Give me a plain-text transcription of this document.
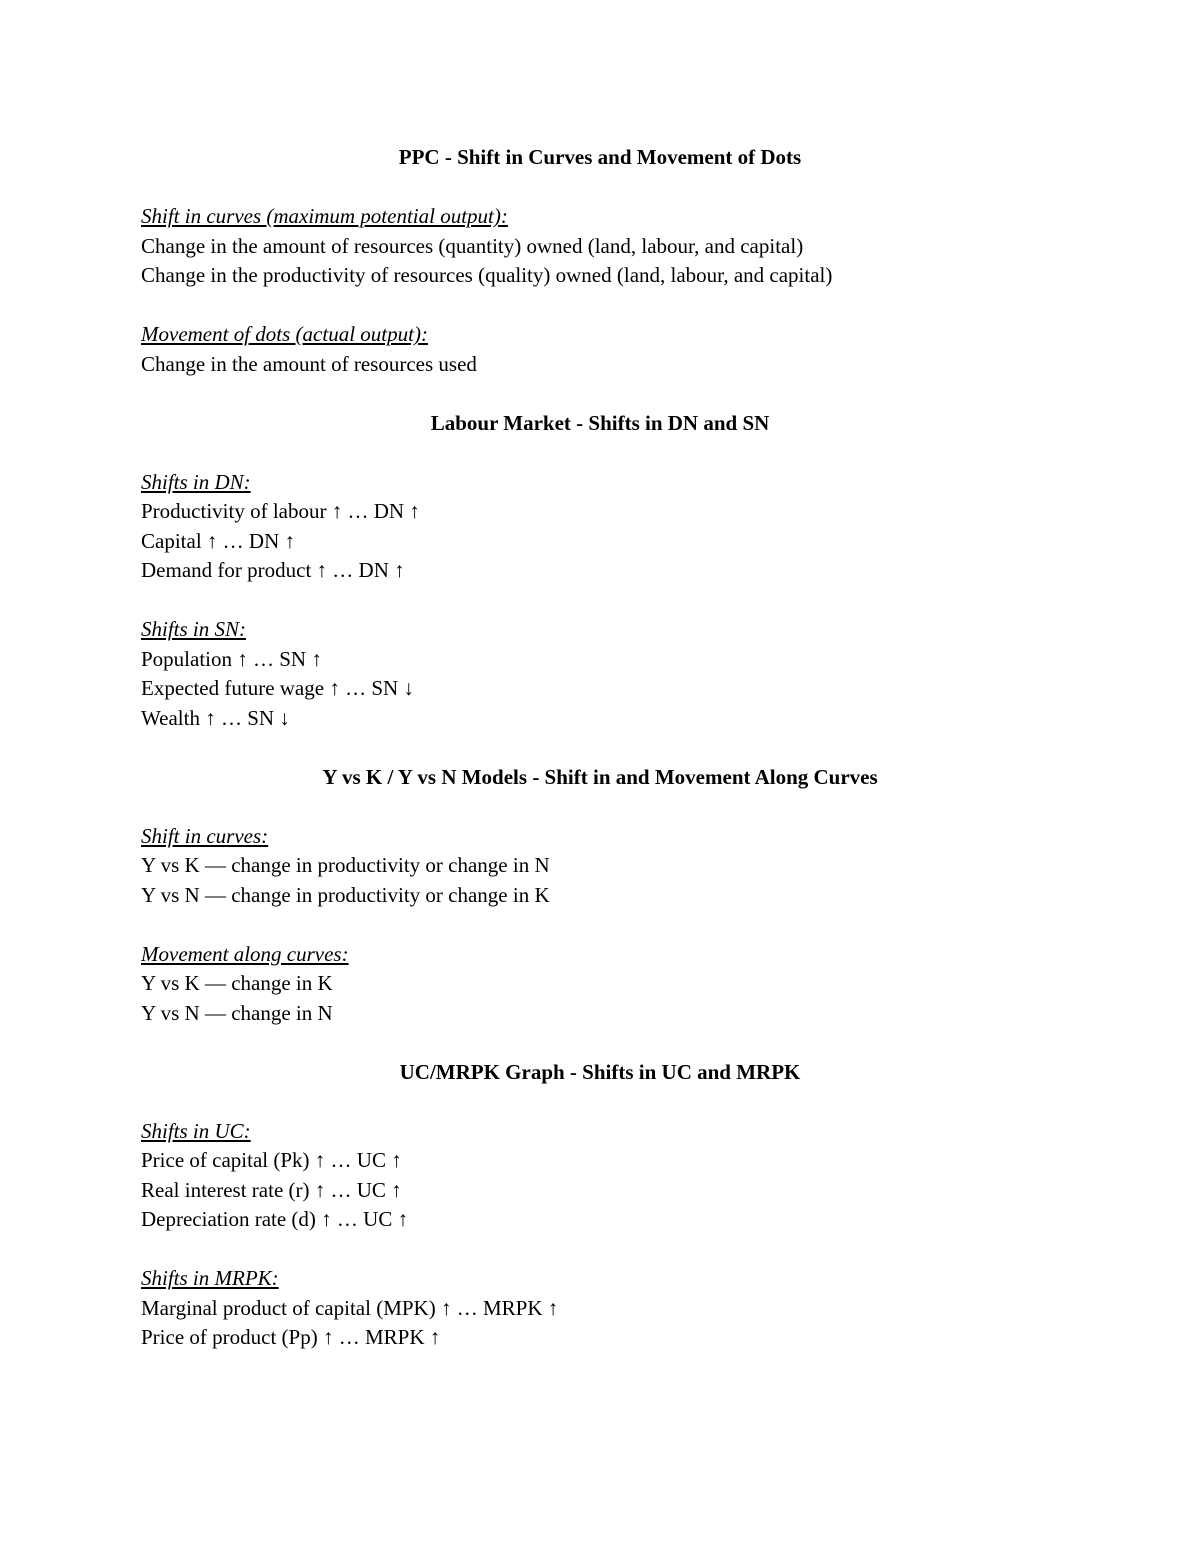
PPC - Shift in Curves and Movement of Dots

Shift in curves (maximum potential output):

Change in the amount of resources (quantity) owned (land, labour, and capital)

Change in the productivity of resources (quality) owned (land, labour, and capital)

Movement of dots (actual output):

Change in the amount of resources used

Labour Market - Shifts in DN and SN

Shifts in DN:

Productivity of labour ↑ … DN ↑

Capital ↑ … DN ↑

Demand for product ↑ … DN ↑

Shifts in SN:

Population ↑ … SN ↑

Expected future wage ↑ … SN ↓

Wealth ↑ … SN ↓

Y vs K / Y vs N Models - Shift in and Movement Along Curves

Shift in curves:

Y vs K — change in productivity or change in N

Y vs N — change in productivity or change in K

Movement along curves:

Y vs K — change in K

Y vs N — change in N

UC/MRPK Graph - Shifts in UC and MRPK

Shifts in UC:

Price of capital (Pk) ↑ … UC ↑

Real interest rate (r) ↑ … UC ↑

Depreciation rate (d) ↑ … UC ↑

Shifts in MRPK:

Marginal product of capital (MPK) ↑ … MRPK ↑

Price of product (Pp) ↑ … MRPK ↑
